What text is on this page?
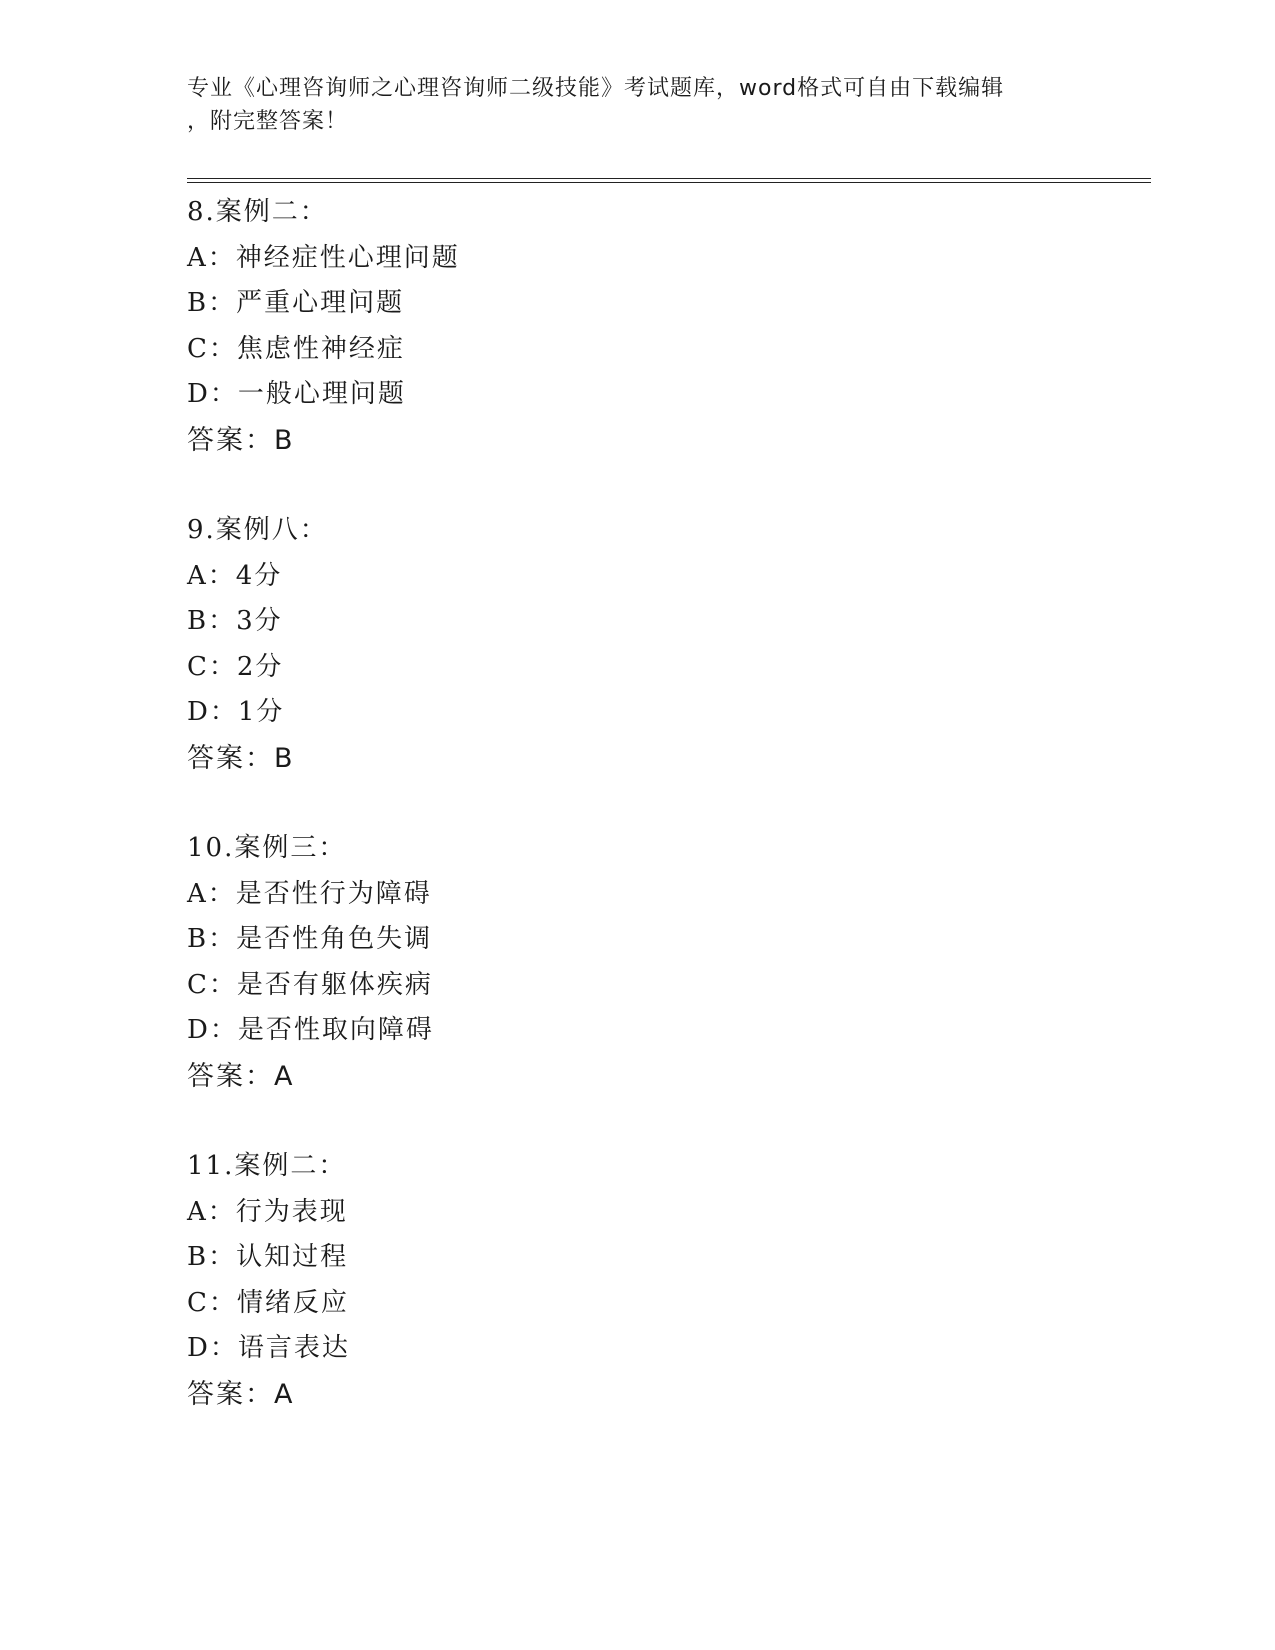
专业《心理咨询师之心理咨询师二级技能》考试题库，word格式可自由下载编辑
，附完整答案！
8.案例二：
A：神经症性心理问题
B：严重心理问题
C：焦虑性神经症
D：一般心理问题
答案：B
9.案例八：
A：4分
B：3分
C：2分
D：1分
答案：B
10.案例三：
A：是否性行为障碍
B：是否性角色失调
C：是否有躯体疾病
D：是否性取向障碍
答案：A
11.案例二：
A：行为表现
B：认知过程
C：情绪反应
D：语言表达
答案：A
